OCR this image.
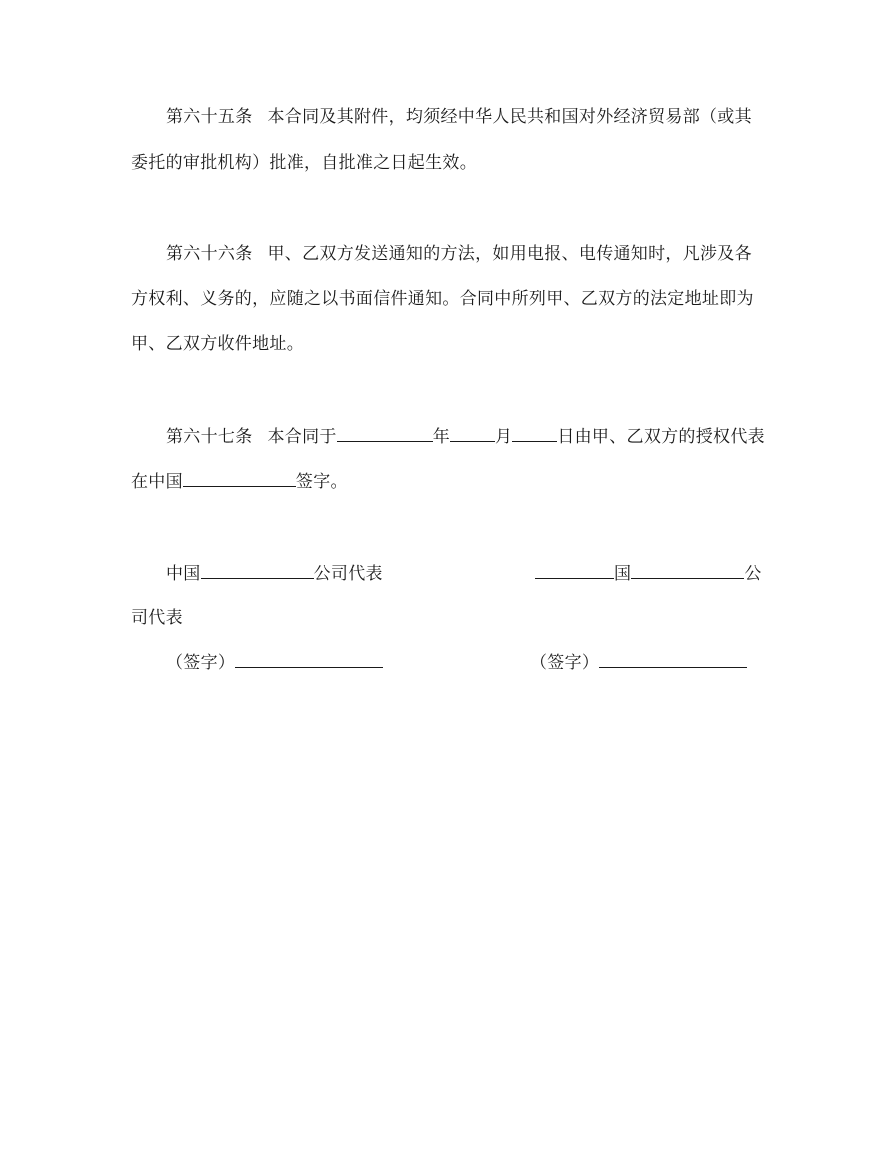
第六十五条 本合同及其附件，均须经中华人民共和国对外经济贸易部（或其
委托的审批机构）批准，自批准之日起生效。
第六十六条 甲、乙双方发送通知的方法，如用电报、电传通知时，凡涉及各
方权利、义务的，应随之以书面信件通知。合同中所列甲、乙双方的法定地址即为
甲、乙双方收件地址。
第六十七条 本合同于	年	月	日由甲、乙双方的授权代表
在中国	签字。
中国	公司代表	国	公
司代表
（签字）	（签字）
